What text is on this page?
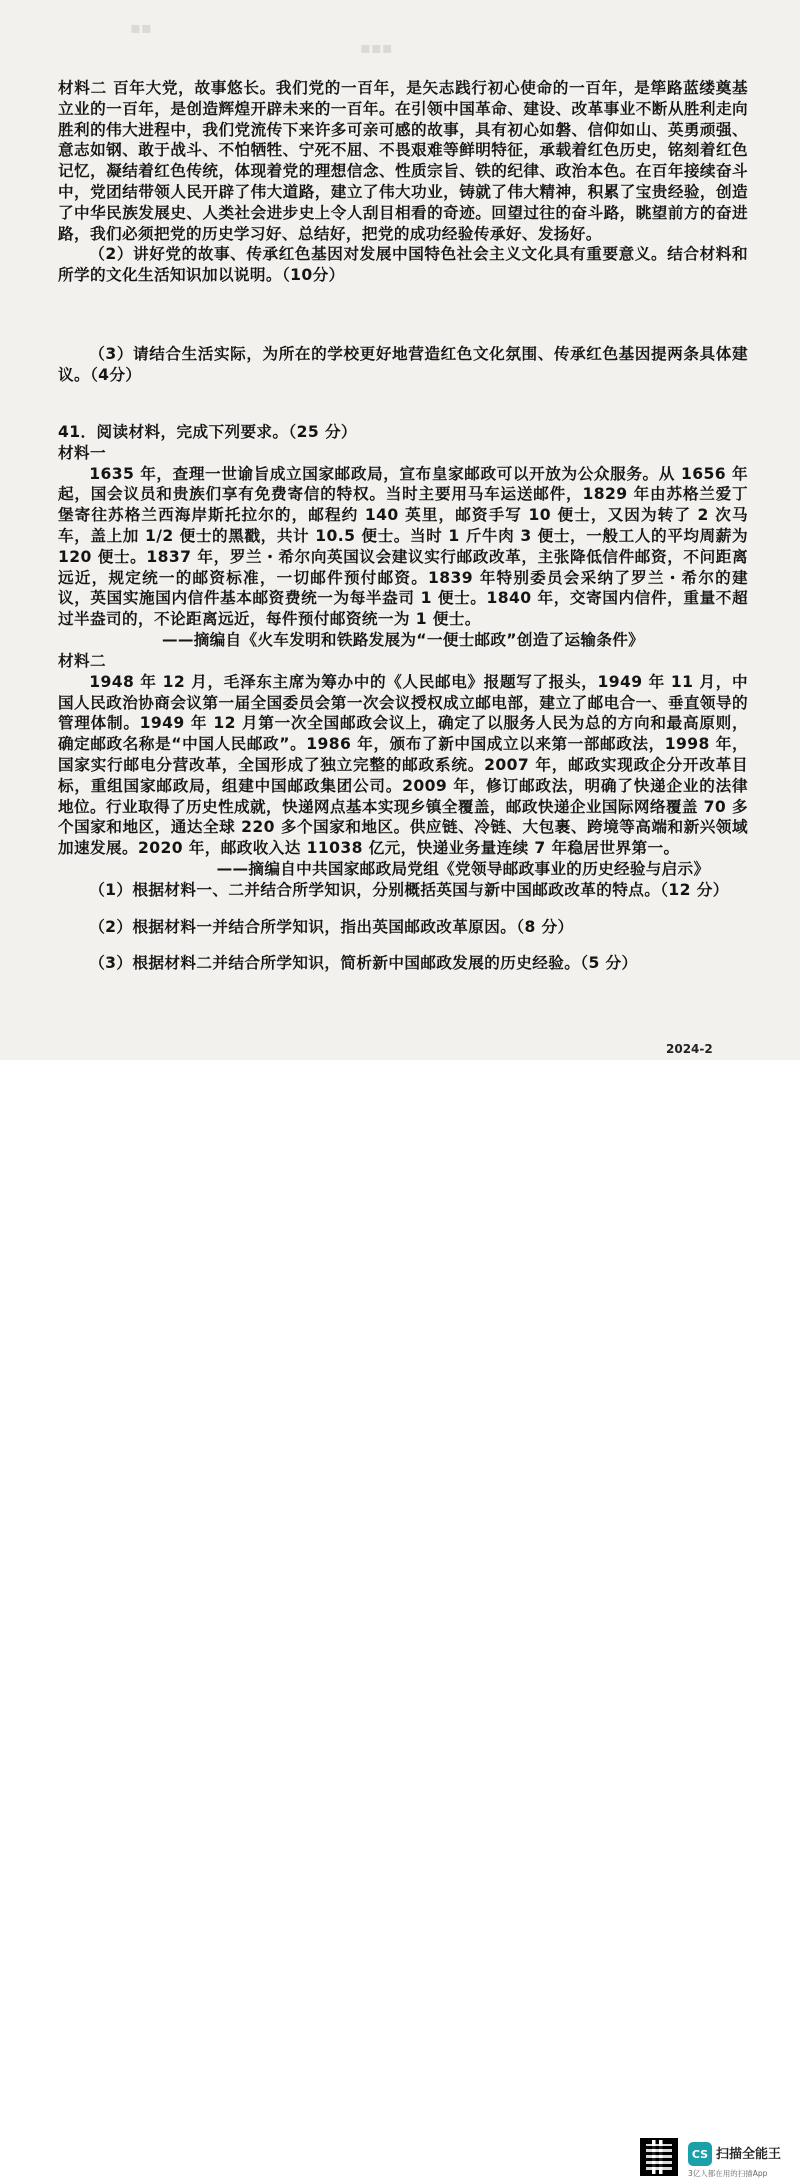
▪▪
▪▪▪

材料二 百年大党，故事悠长。我们党的一百年，是矢志践行初心使命的一百年，是筚路蓝缕奠基立业的一百年，是创造辉煌开辟未来的一百年。在引领中国革命、建设、改革事业不断从胜利走向胜利的伟大进程中，我们党流传下来许多可亲可感的故事，具有初心如磐、信仰如山、英勇顽强、意志如钢、敢于战斗、不怕牺牲、宁死不屈、不畏艰难等鲜明特征，承载着红色历史，铭刻着红色记忆，凝结着红色传统，体现着党的理想信念、性质宗旨、铁的纪律、政治本色。在百年接续奋斗中，党团结带领人民开辟了伟大道路，建立了伟大功业，铸就了伟大精神，积累了宝贵经验，创造了中华民族发展史、人类社会进步史上令人刮目相看的奇迹。回望过往的奋斗路，眺望前方的奋进路，我们必须把党的历史学习好、总结好，把党的成功经验传承好、发扬好。

（2）讲好党的故事、传承红色基因对发展中国特色社会主义文化具有重要意义。结合材料和所学的文化生活知识加以说明。（10分）

（3）请结合生活实际，为所在的学校更好地营造红色文化氛围、传承红色基因提两条具体建议。（4分）

41．阅读材料，完成下列要求。（25 分）

材料一

1635 年，查理一世谕旨成立国家邮政局，宣布皇家邮政可以开放为公众服务。从 1656 年起，国会议员和贵族们享有免费寄信的特权。当时主要用马车运送邮件，1829 年由苏格兰爱丁堡寄往苏格兰西海岸斯托拉尔的，邮程约 140 英里，邮资手写 10 便士，又因为转了 2 次马车，盖上加 1/2 便士的黑戳，共计 10.5 便士。当时 1 斤牛肉 3 便士，一般工人的平均周薪为 120 便士。1837 年，罗兰・希尔向英国议会建议实行邮政改革，主张降低信件邮资，不问距离远近，规定统一的邮资标准，一切邮件预付邮资。1839 年特别委员会采纳了罗兰・希尔的建议，英国实施国内信件基本邮资费统一为每半盎司 1 便士。1840 年，交寄国内信件，重量不超过半盎司的，不论距离远近，每件预付邮资统一为 1 便士。

——摘编自《火车发明和铁路发展为“一便士邮政”创造了运输条件》

材料二

1948 年 12 月，毛泽东主席为筹办中的《人民邮电》报题写了报头，1949 年 11 月，中国人民政治协商会议第一届全国委员会第一次会议授权成立邮电部，建立了邮电合一、垂直领导的管理体制。1949 年 12 月第一次全国邮政会议上，确定了以服务人民为总的方向和最高原则，确定邮政名称是“中国人民邮政”。1986 年，颁布了新中国成立以来第一部邮政法，1998 年，国家实行邮电分营改革，全国形成了独立完整的邮政系统。2007 年，邮政实现政企分开改革目标，重组国家邮政局，组建中国邮政集团公司。2009 年，修订邮政法，明确了快递企业的法律地位。行业取得了历史性成就，快递网点基本实现乡镇全覆盖，邮政快递企业国际网络覆盖 70 多个国家和地区，通达全球 220 多个国家和地区。供应链、冷链、大包裹、跨境等高端和新兴领域加速发展。2020 年，邮政收入达 11038 亿元，快递业务量连续 7 年稳居世界第一。

——摘编自中共国家邮政局党组《党领导邮政事业的历史经验与启示》

（1）根据材料一、二并结合所学知识，分别概括英国与新中国邮政改革的特点。（12 分）

（2）根据材料一并结合所学知识，指出英国邮政改革原因。（8 分）

（3）根据材料二并结合所学知识，简析新中国邮政发展的历史经验。（5 分）

2024-2
CS 扫描全能王
3亿人都在用的扫描App
